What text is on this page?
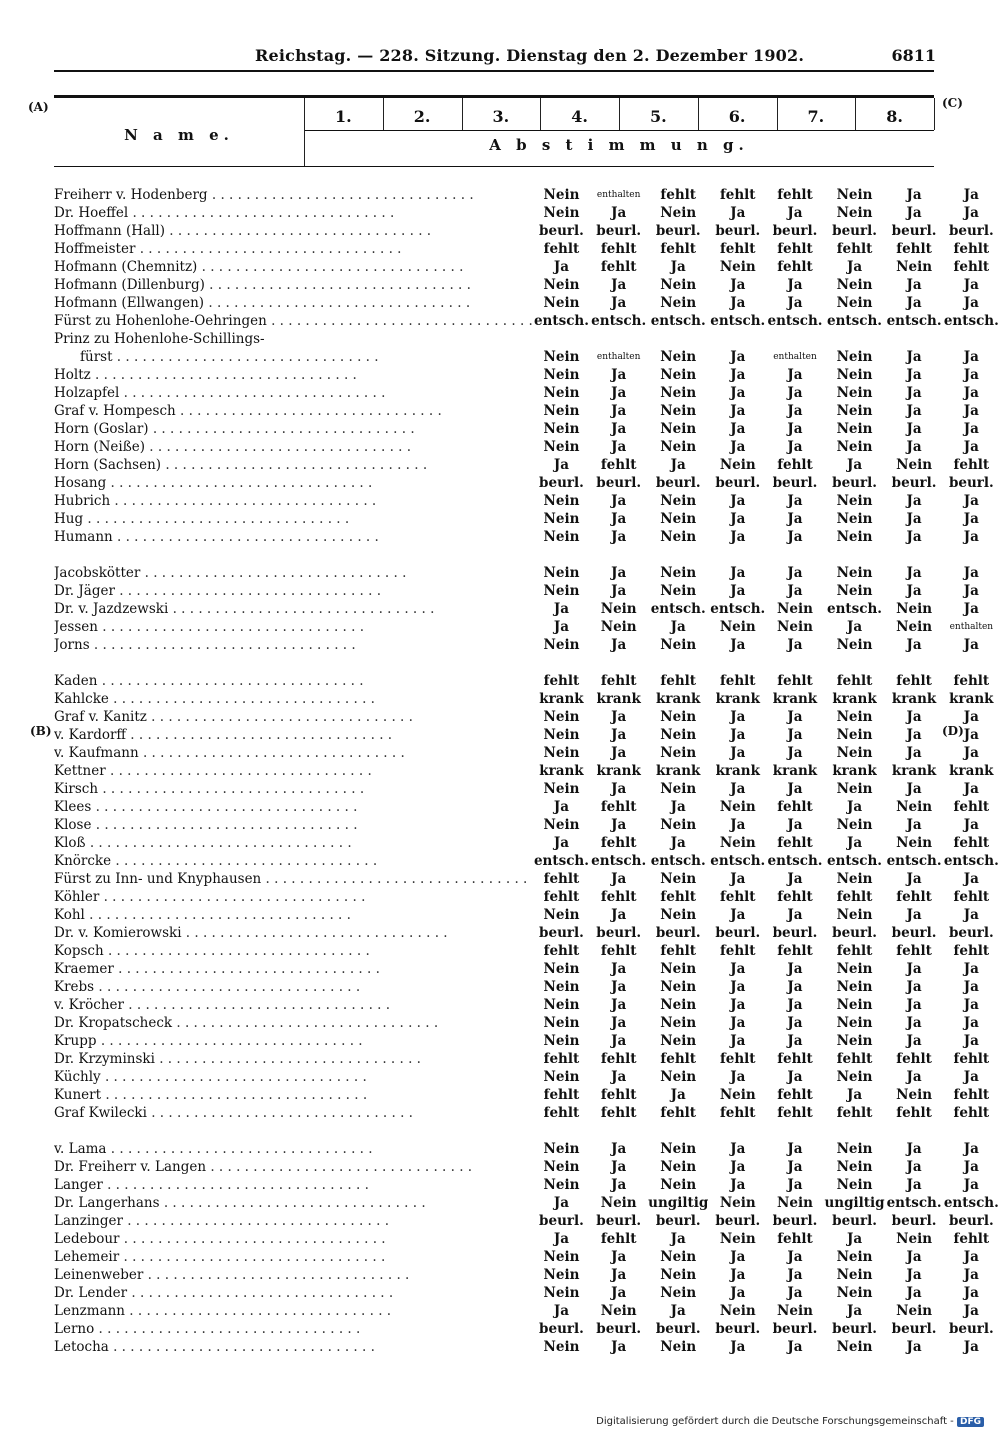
Reichstag. — 228. Sitzung. Dienstag den 2. Dezember 1902.	6811
(A)	(C)
(B)	(D)
N a m e.
A b s t i m m u n g.
1.	2.	3.	4.	5.	6.	7.	8.
Freiherr v. Hodenberg . . . . . . . . . . . . . . . . . . . . . . . . . . . . . . .	Nein	enthalten	fehlt	fehlt	fehlt	Nein	Ja	Ja
Dr. Hoeffel . . . . . . . . . . . . . . . . . . . . . . . . . . . . . . .	Nein	Ja	Nein	Ja	Ja	Nein	Ja	Ja
Hoffmann (Hall) . . . . . . . . . . . . . . . . . . . . . . . . . . . . . . .	beurl.	beurl.	beurl.	beurl.	beurl.	beurl.	beurl.	beurl.
Hoffmeister . . . . . . . . . . . . . . . . . . . . . . . . . . . . . . .	fehlt	fehlt	fehlt	fehlt	fehlt	fehlt	fehlt	fehlt
Hofmann (Chemnitz) . . . . . . . . . . . . . . . . . . . . . . . . . . . . . . .	Ja	fehlt	Ja	Nein	fehlt	Ja	Nein	fehlt
Hofmann (Dillenburg) . . . . . . . . . . . . . . . . . . . . . . . . . . . . . . .	Nein	Ja	Nein	Ja	Ja	Nein	Ja	Ja
Hofmann (Ellwangen) . . . . . . . . . . . . . . . . . . . . . . . . . . . . . . .	Nein	Ja	Nein	Ja	Ja	Nein	Ja	Ja
Fürst zu Hohenlohe-Oehringen . . . . . . . . . . . . . . . . . . . . . . . . . . . . . . .	entsch.	entsch.	entsch.	entsch.	entsch.	entsch.	entsch.	entsch.
Prinz zu Hohenlohe-Schillings-								
fürst . . . . . . . . . . . . . . . . . . . . . . . . . . . . . . .	Nein	enthalten	Nein	Ja	enthalten	Nein	Ja	Ja
Holtz . . . . . . . . . . . . . . . . . . . . . . . . . . . . . . .	Nein	Ja	Nein	Ja	Ja	Nein	Ja	Ja
Holzapfel . . . . . . . . . . . . . . . . . . . . . . . . . . . . . . .	Nein	Ja	Nein	Ja	Ja	Nein	Ja	Ja
Graf v. Hompesch . . . . . . . . . . . . . . . . . . . . . . . . . . . . . . .	Nein	Ja	Nein	Ja	Ja	Nein	Ja	Ja
Horn (Goslar) . . . . . . . . . . . . . . . . . . . . . . . . . . . . . . .	Nein	Ja	Nein	Ja	Ja	Nein	Ja	Ja
Horn (Neiße) . . . . . . . . . . . . . . . . . . . . . . . . . . . . . . .	Nein	Ja	Nein	Ja	Ja	Nein	Ja	Ja
Horn (Sachsen) . . . . . . . . . . . . . . . . . . . . . . . . . . . . . . .	Ja	fehlt	Ja	Nein	fehlt	Ja	Nein	fehlt
Hosang . . . . . . . . . . . . . . . . . . . . . . . . . . . . . . .	beurl.	beurl.	beurl.	beurl.	beurl.	beurl.	beurl.	beurl.
Hubrich . . . . . . . . . . . . . . . . . . . . . . . . . . . . . . .	Nein	Ja	Nein	Ja	Ja	Nein	Ja	Ja
Hug . . . . . . . . . . . . . . . . . . . . . . . . . . . . . . .	Nein	Ja	Nein	Ja	Ja	Nein	Ja	Ja
Humann . . . . . . . . . . . . . . . . . . . . . . . . . . . . . . .	Nein	Ja	Nein	Ja	Ja	Nein	Ja	Ja

Jacobskötter . . . . . . . . . . . . . . . . . . . . . . . . . . . . . . .	Nein	Ja	Nein	Ja	Ja	Nein	Ja	Ja
Dr. Jäger . . . . . . . . . . . . . . . . . . . . . . . . . . . . . . .	Nein	Ja	Nein	Ja	Ja	Nein	Ja	Ja
Dr. v. Jazdzewski . . . . . . . . . . . . . . . . . . . . . . . . . . . . . . .	Ja	Nein	entsch.	entsch.	Nein	entsch.	Nein	Ja
Jessen . . . . . . . . . . . . . . . . . . . . . . . . . . . . . . .	Ja	Nein	Ja	Nein	Nein	Ja	Nein	enthalten
Jorns . . . . . . . . . . . . . . . . . . . . . . . . . . . . . . .	Nein	Ja	Nein	Ja	Ja	Nein	Ja	Ja

Kaden . . . . . . . . . . . . . . . . . . . . . . . . . . . . . . .	fehlt	fehlt	fehlt	fehlt	fehlt	fehlt	fehlt	fehlt
Kahlcke . . . . . . . . . . . . . . . . . . . . . . . . . . . . . . .	krank	krank	krank	krank	krank	krank	krank	krank
Graf v. Kanitz . . . . . . . . . . . . . . . . . . . . . . . . . . . . . . .	Nein	Ja	Nein	Ja	Ja	Nein	Ja	Ja
v. Kardorff . . . . . . . . . . . . . . . . . . . . . . . . . . . . . . .	Nein	Ja	Nein	Ja	Ja	Nein	Ja	Ja
v. Kaufmann . . . . . . . . . . . . . . . . . . . . . . . . . . . . . . .	Nein	Ja	Nein	Ja	Ja	Nein	Ja	Ja
Kettner . . . . . . . . . . . . . . . . . . . . . . . . . . . . . . .	krank	krank	krank	krank	krank	krank	krank	krank
Kirsch . . . . . . . . . . . . . . . . . . . . . . . . . . . . . . .	Nein	Ja	Nein	Ja	Ja	Nein	Ja	Ja
Klees . . . . . . . . . . . . . . . . . . . . . . . . . . . . . . .	Ja	fehlt	Ja	Nein	fehlt	Ja	Nein	fehlt
Klose . . . . . . . . . . . . . . . . . . . . . . . . . . . . . . .	Nein	Ja	Nein	Ja	Ja	Nein	Ja	Ja
Kloß . . . . . . . . . . . . . . . . . . . . . . . . . . . . . . .	Ja	fehlt	Ja	Nein	fehlt	Ja	Nein	fehlt
Knörcke . . . . . . . . . . . . . . . . . . . . . . . . . . . . . . .	entsch.	entsch.	entsch.	entsch.	entsch.	entsch.	entsch.	entsch.
Fürst zu Inn- und Knyphausen . . . . . . . . . . . . . . . . . . . . . . . . . . . . . . .	fehlt	Ja	Nein	Ja	Ja	Nein	Ja	Ja
Köhler . . . . . . . . . . . . . . . . . . . . . . . . . . . . . . .	fehlt	fehlt	fehlt	fehlt	fehlt	fehlt	fehlt	fehlt
Kohl . . . . . . . . . . . . . . . . . . . . . . . . . . . . . . .	Nein	Ja	Nein	Ja	Ja	Nein	Ja	Ja
Dr. v. Komierowski . . . . . . . . . . . . . . . . . . . . . . . . . . . . . . .	beurl.	beurl.	beurl.	beurl.	beurl.	beurl.	beurl.	beurl.
Kopsch . . . . . . . . . . . . . . . . . . . . . . . . . . . . . . .	fehlt	fehlt	fehlt	fehlt	fehlt	fehlt	fehlt	fehlt
Kraemer . . . . . . . . . . . . . . . . . . . . . . . . . . . . . . .	Nein	Ja	Nein	Ja	Ja	Nein	Ja	Ja
Krebs . . . . . . . . . . . . . . . . . . . . . . . . . . . . . . .	Nein	Ja	Nein	Ja	Ja	Nein	Ja	Ja
v. Kröcher . . . . . . . . . . . . . . . . . . . . . . . . . . . . . . .	Nein	Ja	Nein	Ja	Ja	Nein	Ja	Ja
Dr. Kropatscheck . . . . . . . . . . . . . . . . . . . . . . . . . . . . . . .	Nein	Ja	Nein	Ja	Ja	Nein	Ja	Ja
Krupp . . . . . . . . . . . . . . . . . . . . . . . . . . . . . . .	Nein	Ja	Nein	Ja	Ja	Nein	Ja	Ja
Dr. Krzyminski . . . . . . . . . . . . . . . . . . . . . . . . . . . . . . .	fehlt	fehlt	fehlt	fehlt	fehlt	fehlt	fehlt	fehlt
Küchly . . . . . . . . . . . . . . . . . . . . . . . . . . . . . . .	Nein	Ja	Nein	Ja	Ja	Nein	Ja	Ja
Kunert . . . . . . . . . . . . . . . . . . . . . . . . . . . . . . .	fehlt	fehlt	Ja	Nein	fehlt	Ja	Nein	fehlt
Graf Kwilecki . . . . . . . . . . . . . . . . . . . . . . . . . . . . . . .	fehlt	fehlt	fehlt	fehlt	fehlt	fehlt	fehlt	fehlt

v. Lama . . . . . . . . . . . . . . . . . . . . . . . . . . . . . . .	Nein	Ja	Nein	Ja	Ja	Nein	Ja	Ja
Dr. Freiherr v. Langen . . . . . . . . . . . . . . . . . . . . . . . . . . . . . . .	Nein	Ja	Nein	Ja	Ja	Nein	Ja	Ja
Langer . . . . . . . . . . . . . . . . . . . . . . . . . . . . . . .	Nein	Ja	Nein	Ja	Ja	Nein	Ja	Ja
Dr. Langerhans . . . . . . . . . . . . . . . . . . . . . . . . . . . . . . .	Ja	Nein	ungiltig	Nein	Nein	ungiltig	entsch.	entsch.
Lanzinger . . . . . . . . . . . . . . . . . . . . . . . . . . . . . . .	beurl.	beurl.	beurl.	beurl.	beurl.	beurl.	beurl.	beurl.
Ledebour . . . . . . . . . . . . . . . . . . . . . . . . . . . . . . .	Ja	fehlt	Ja	Nein	fehlt	Ja	Nein	fehlt
Lehemeir . . . . . . . . . . . . . . . . . . . . . . . . . . . . . . .	Nein	Ja	Nein	Ja	Ja	Nein	Ja	Ja
Leinenweber . . . . . . . . . . . . . . . . . . . . . . . . . . . . . . .	Nein	Ja	Nein	Ja	Ja	Nein	Ja	Ja
Dr. Lender . . . . . . . . . . . . . . . . . . . . . . . . . . . . . . .	Nein	Ja	Nein	Ja	Ja	Nein	Ja	Ja
Lenzmann . . . . . . . . . . . . . . . . . . . . . . . . . . . . . . .	Ja	Nein	Ja	Nein	Nein	Ja	Nein	Ja
Lerno . . . . . . . . . . . . . . . . . . . . . . . . . . . . . . .	beurl.	beurl.	beurl.	beurl.	beurl.	beurl.	beurl.	beurl.
Letocha . . . . . . . . . . . . . . . . . . . . . . . . . . . . . . .	Nein	Ja	Nein	Ja	Ja	Nein	Ja	Ja
Digitalisierung gefördert durch die Deutsche Forschungsgemeinschaft - DFG
